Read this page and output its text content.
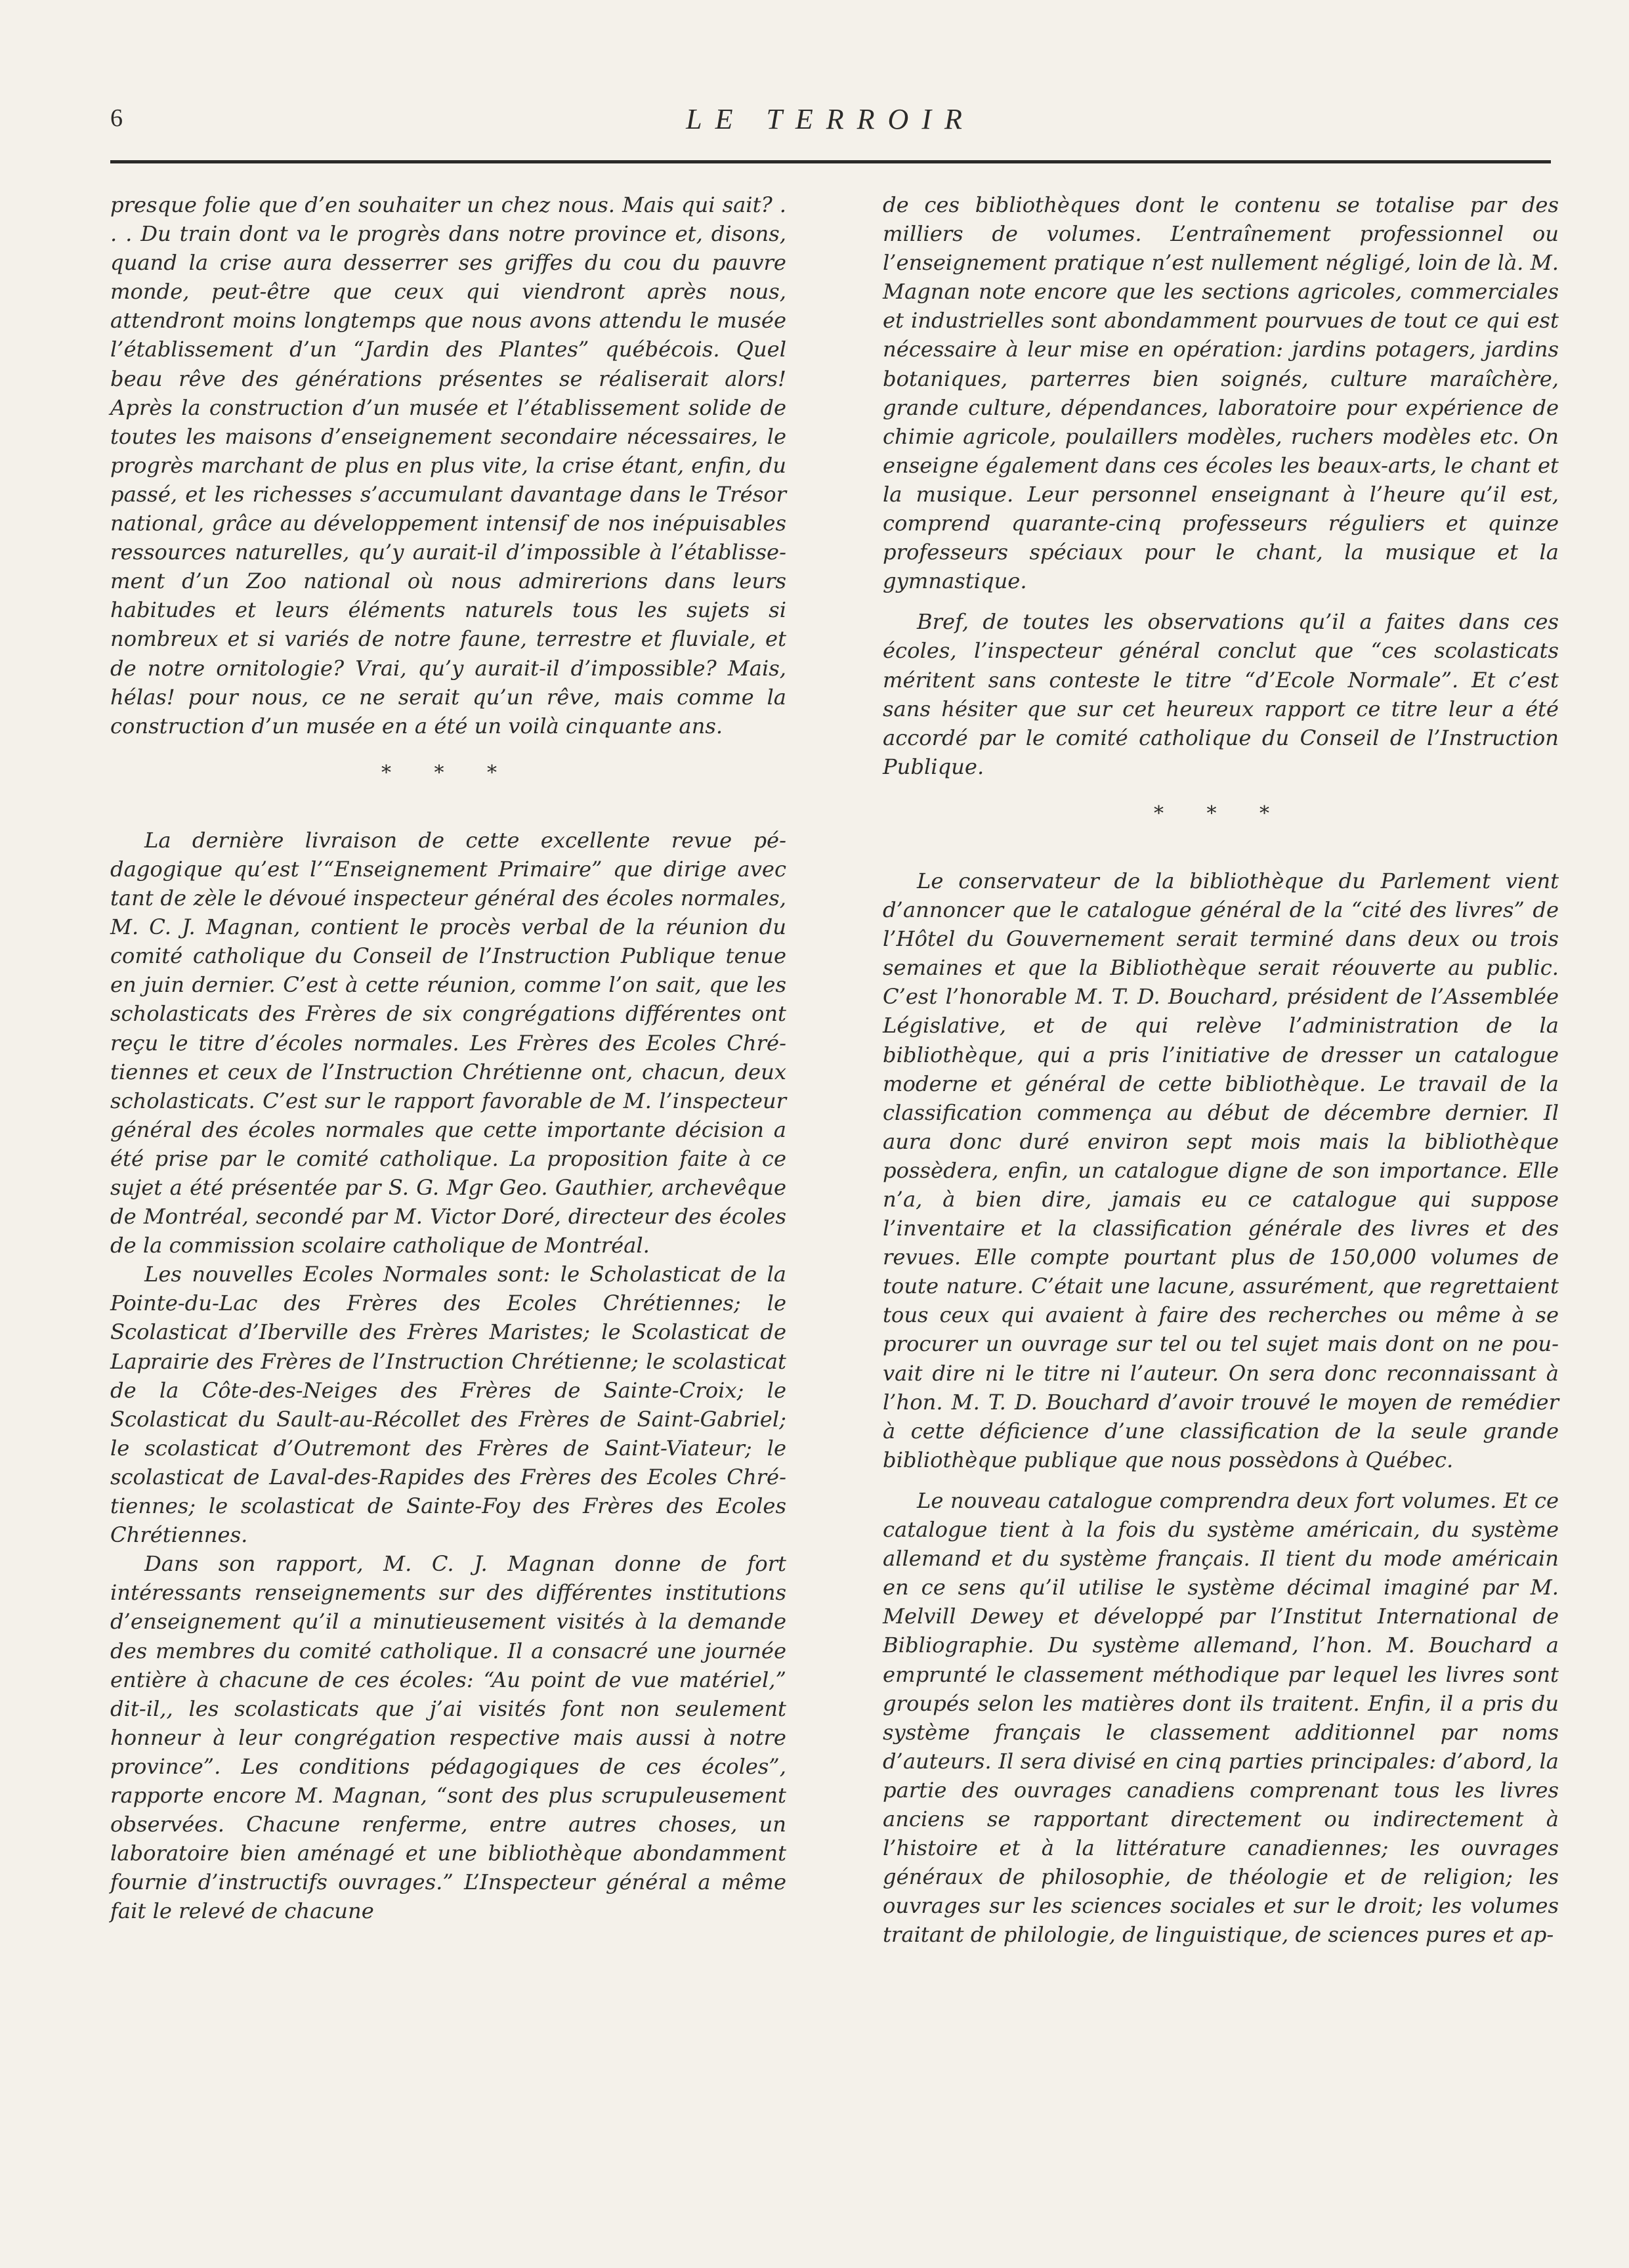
6	LE TERROIR

presque folie que d’en souhaiter un chez nous. Mais qui sait? . . . Du train dont va le progrès dans notre province et, disons, quand la crise aura desserrer ses griffes du cou du pauvre monde, peut-être que ceux qui viendront après nous, attendront moins longtemps que nous avons attendu le musée l’établissement d’un “Jardin des Plantes” québécois. Quel beau rêve des générations présentes se réaliserait alors! Après la construction d’un musée et l’établissement solide de toutes les maisons d’enseignement secondaire nécessaires, le progrès marchant de plus en plus vite, la crise étant, enfin, du passé, et les richesses s’accumulant davantage dans le Trésor national, grâce au développement intensif de nos inépuisables ressources naturelles, qu’y aurait-il d’impossible à l’établissement d’un Zoo national où nous admirerions dans leurs habitudes et leurs éléments naturels tous les sujets si nombreux et si variés de notre faune, terrestre et fluviale, et de notre ornitologie? Vrai, qu’y aurait-il d’impossible? Mais, hélas! pour nous, ce ne serait qu’un rêve, mais comme la construction d’un musée en a été un voilà cinquante ans.

* * *

La dernière livraison de cette excellente revue pédagogique qu’est l’“Enseignement Primaire” que dirige avec tant de zèle le dévoué inspecteur général des écoles normales, M. C. J. Magnan, contient le procès verbal de la réunion du comité catholique du Conseil de l’Instruction Publique tenue en juin dernier. C’est à cette réunion, comme l’on sait, que les scholasticats des Frères de six congrégations différentes ont reçu le titre d’écoles normales. Les Frères des Ecoles Chrétiennes et ceux de l’Instruction Chrétienne ont, chacun, deux scholasticats. C’est sur le rapport favorable de M. l’inspecteur général des écoles normales que cette importante décision a été prise par le comité catholique. La proposition faite à ce sujet a été présentée par S. G. Mgr Geo. Gauthier, archevêque de Montréal, secondé par M. Victor Doré, directeur des écoles de la commission scolaire catholique de Montréal.

Les nouvelles Ecoles Normales sont: le Scholasticat de la Pointe-du-Lac des Frères des Ecoles Chrétiennes; le Scolasticat d’Iberville des Frères Maristes; le Scolasticat de Laprairie des Frères de l’Instruction Chrétienne; le scolasticat de la Côte-des-Neiges des Frères de Sainte-Croix; le Scolasticat du Sault-au-Récollet des Frères de Saint-Gabriel; le scolasticat d’Outremont des Frères de Saint-Viateur; le scolasticat de Laval-des-Rapides des Frères des Ecoles Chrétiennes; le scolasticat de Sainte-Foy des Frères des Ecoles Chrétiennes.

Dans son rapport, M. C. J. Magnan donne de fort intéressants renseignements sur des différentes institutions d’enseignement qu’il a minutieusement visités à la demande des membres du comité catholique. Il a consacré une journée entière à chacune de ces écoles: “Au point de vue matériel,” dit-il,, les scolasticats que j’ai visités font non seulement honneur à leur congrégation respective mais aussi à notre province”. Les conditions pédagogiques de ces écoles”, rapporte encore M. Magnan, “sont des plus scrupuleusement observées. Chacune renferme, entre autres choses, un laboratoire bien aménagé et une bibliothèque abondamment fournie d’instructifs ouvrages.” L’Inspecteur général a même fait le relevé de chacune

de ces bibliothèques dont le contenu se totalise par des milliers de volumes. L’entraînement professionnel ou l’enseignement pratique n’est nullement négligé, loin de là. M. Magnan note encore que les sections agricoles, commerciales et industrielles sont abondamment pourvues de tout ce qui est nécessaire à leur mise en opération: jardins potagers, jardins botaniques, parterres bien soignés, culture maraîchère, grande culture, dépendances, laboratoire pour expérience de chimie agricole, poulaillers modèles, ruchers modèles etc. On enseigne également dans ces écoles les beaux-arts, le chant et la musique. Leur personnel enseignant à l’heure qu’il est, comprend quarante-cinq professeurs réguliers et quinze professeurs spéciaux pour le chant, la musique et la gymnastique.

Bref, de toutes les observations qu’il a faites dans ces écoles, l’inspecteur général conclut que “ces scolasticats méritent sans conteste le titre “d’Ecole Normale”. Et c’est sans hésiter que sur cet heureux rapport ce titre leur a été accordé par le comité catholique du Conseil de l’Instruction Publique.

* * *

Le conservateur de la bibliothèque du Parlement vient d’annoncer que le catalogue général de la “cité des livres” de l’Hôtel du Gouvernement serait terminé dans deux ou trois semaines et que la Bibliothèque serait réouverte au public. C’est l’honorable M. T. D. Bouchard, président de l’Assemblée Législative, et de qui relève l’administration de la bibliothèque, qui a pris l’initiative de dresser un catalogue moderne et général de cette bibliothèque. Le travail de la classification commença au début de décembre dernier. Il aura donc duré environ sept mois mais la bibliothèque possèdera, enfin, un catalogue digne de son importance. Elle n’a, à bien dire, jamais eu ce catalogue qui suppose l’inventaire et la classification générale des livres et des revues. Elle compte pourtant plus de 150,000 volumes de toute nature. C’était une lacune, assurément, que regrettaient tous ceux qui avaient à faire des recherches ou même à se procurer un ouvrage sur tel ou tel sujet mais dont on ne pouvait dire ni le titre ni l’auteur. On sera donc reconnaissant à l’hon. M. T. D. Bouchard d’avoir trouvé le moyen de remédier à cette déficience d’une classification de la seule grande bibliothèque publique que nous possèdons à Québec.

Le nouveau catalogue comprendra deux fort volumes. Et ce catalogue tient à la fois du système américain, du système allemand et du système français. Il tient du mode américain en ce sens qu’il utilise le système décimal imaginé par M. Melvill Dewey et développé par l’Institut International de Bibliographie. Du système allemand, l’hon. M. Bouchard a emprunté le classement méthodique par lequel les livres sont groupés selon les matières dont ils traitent. Enfin, il a pris du système français le classement additionnel par noms d’auteurs. Il sera divisé en cinq parties principales: d’abord, la partie des ouvrages canadiens comprenant tous les livres anciens se rapportant directement ou indirectement à l’histoire et à la littérature canadiennes; les ouvrages généraux de philosophie, de théologie et de religion; les ouvrages sur les sciences sociales et sur le droit; les volumes traitant de philologie, de linguistique, de sciences pures et ap-
